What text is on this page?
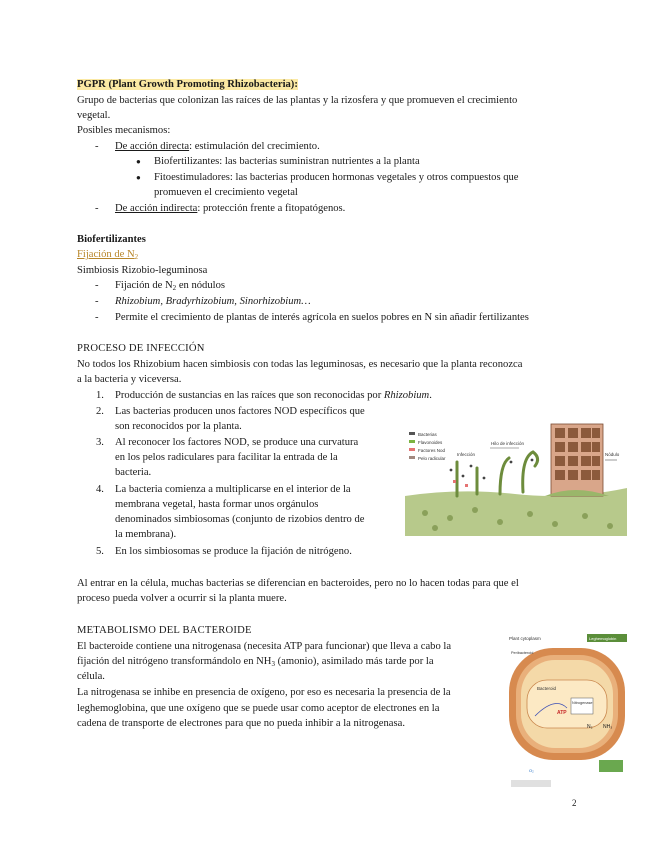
PGPR (Plant Growth Promoting Rhizobacteria):
Grupo de bacterias que colonizan las raíces de las plantas y la rizosfera y que promueven el crecimiento
vegetal.
Posibles mecanismos:
- De acción directa: estimulación del crecimiento.
● Biofertilizantes: las bacterias suministran nutrientes a la planta
● Fitoestimuladores: las bacterias producen hormonas vegetales y otros compuestos que
promueven el crecimiento vegetal
- De acción indirecta: protección frente a fitopatógenos.
Biofertilizantes
Fijación de $N_2$
Simbiosis Rizobio-leguminosa
- Fijación de $N_2$ en nódulos
- Rhizobium, Bradyrhizobium, Sinorhizobium…
- Permite el crecimiento de plantas de interés agrícola en suelos pobres en N sin añadir fertilizantes
PROCESO DE INFECCIÓN
No todos los Rhizobium hacen simbiosis con todas las leguminosas, es necesario que la planta reconozca
a la bacteria y viceversa.
1. Producción de sustancias en las raíces que son reconocidas por Rhizobium.
2. Las bacterias producen unos factores NOD específicos que
son reconocidos por la planta.
3. Al reconocer los factores NOD, se produce una curvatura
en los pelos radiculares para facilitar la entrada de la
bacteria.
4. La bacteria comienza a multiplicarse en el interior de la
membrana vegetal, hasta formar unos orgánulos
denominados simbiosomas (conjunto de rizobios dentro de
la membrana).
5. En los simbiosomas se produce la fijación de nitrógeno.
Al entrar en la célula, muchas bacterias se diferencian en bacteroides, pero no lo hacen todas para que el
proceso pueda volver a ocurrir si la planta muere.
Bacterias
Flavonoides
Factores Nod
Pelo radicular
Hilo de infección
Infección	Nódulo
METABOLISMO DEL BACTEROIDE
El bacteroide contiene una nitrogenasa (necesita ATP para funcionar) que lleva a cabo la
fijación del nitrógeno transformándolo en $NH_3$ (amonio), asimilado más tarde por la
célula.
La nitrogenasa se inhibe en presencia de oxígeno, por eso es necesaria la presencia de la
leghemoglobina, que une oxígeno que se puede usar como aceptor de electrones en la
cadena de transporte de electrones para que no pueda inhibir a la nitrogenasa.
Leghemoglobin
Plant cytoplasm
Bacteroid
Nitrogenase
ATP
N₂ NH₃
Peribacteroid
O₂
2
